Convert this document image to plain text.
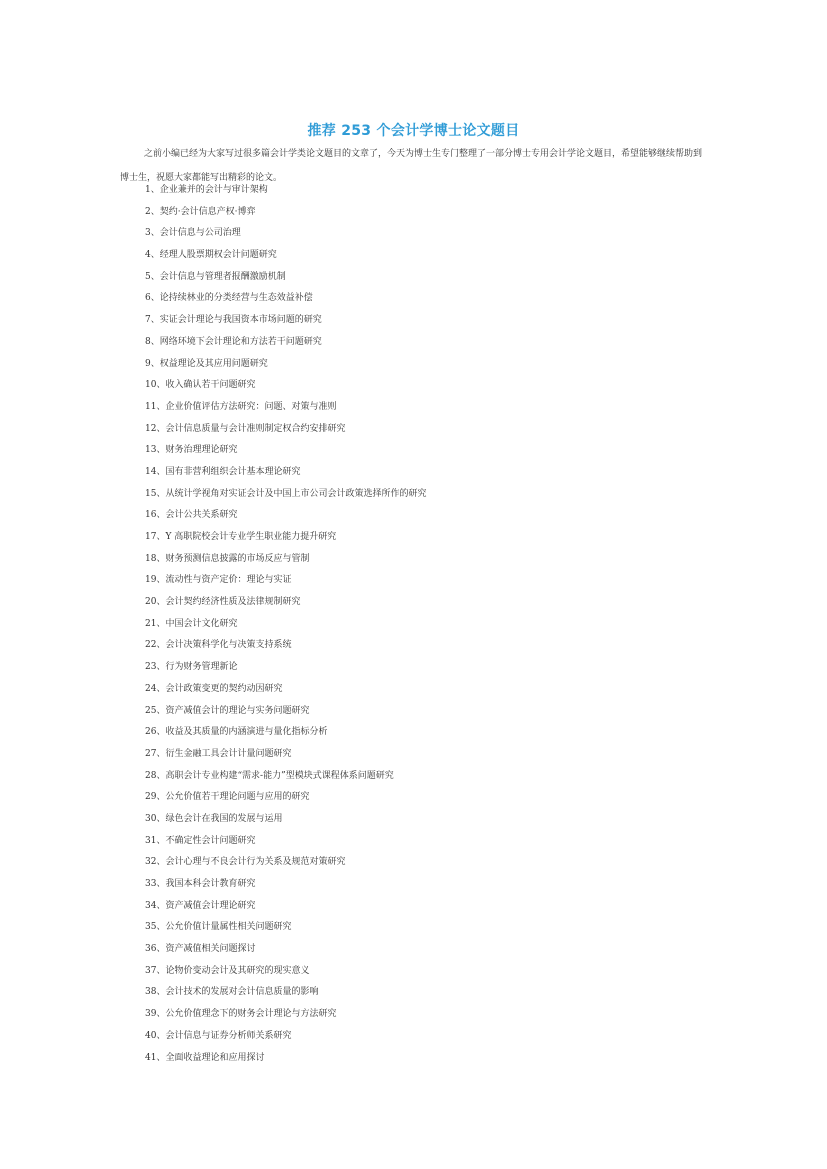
推荐 253 个会计学博士论文题目

之前小编已经为大家写过很多篇会计学类论文题目的文章了，今天为博士生专门整理了一部分博士专用会计学论文题目，希望能够继续帮助到博士生，祝愿大家都能写出精彩的论文。

1、企业兼并的会计与审计架构
2、契约·会计信息产权·博弈
3、会计信息与公司治理
4、经理人股票期权会计问题研究
5、会计信息与管理者报酬激励机制
6、论持续林业的分类经营与生态效益补偿
7、实证会计理论与我国资本市场问题的研究
8、网络环境下会计理论和方法若干问题研究
9、权益理论及其应用问题研究
10、收入确认若干问题研究
11、企业价值评估方法研究：问题、对策与准则
12、会计信息质量与会计准则制定权合约安排研究
13、财务治理理论研究
14、国有非营利组织会计基本理论研究
15、从统计学视角对实证会计及中国上市公司会计政策选择所作的研究
16、会计公共关系研究
17、Y 高职院校会计专业学生职业能力提升研究
18、财务预测信息披露的市场反应与管制
19、流动性与资产定价：理论与实证
20、会计契约经济性质及法律规制研究
21、中国会计文化研究
22、会计决策科学化与决策支持系统
23、行为财务管理新论
24、会计政策变更的契约动因研究
25、资产减值会计的理论与实务问题研究
26、收益及其质量的内涵演进与量化指标分析
27、衍生金融工具会计计量问题研究
28、高职会计专业构建“需求-能力”型模块式课程体系问题研究
29、公允价值若干理论问题与应用的研究
30、绿色会计在我国的发展与运用
31、不确定性会计问题研究
32、会计心理与不良会计行为关系及规范对策研究
33、我国本科会计教育研究
34、资产减值会计理论研究
35、公允价值计量属性相关问题研究
36、资产减值相关问题探讨
37、论物价变动会计及其研究的现实意义
38、会计技术的发展对会计信息质量的影响
39、公允价值理念下的财务会计理论与方法研究
40、会计信息与证券分析师关系研究
41、全面收益理论和应用探讨
